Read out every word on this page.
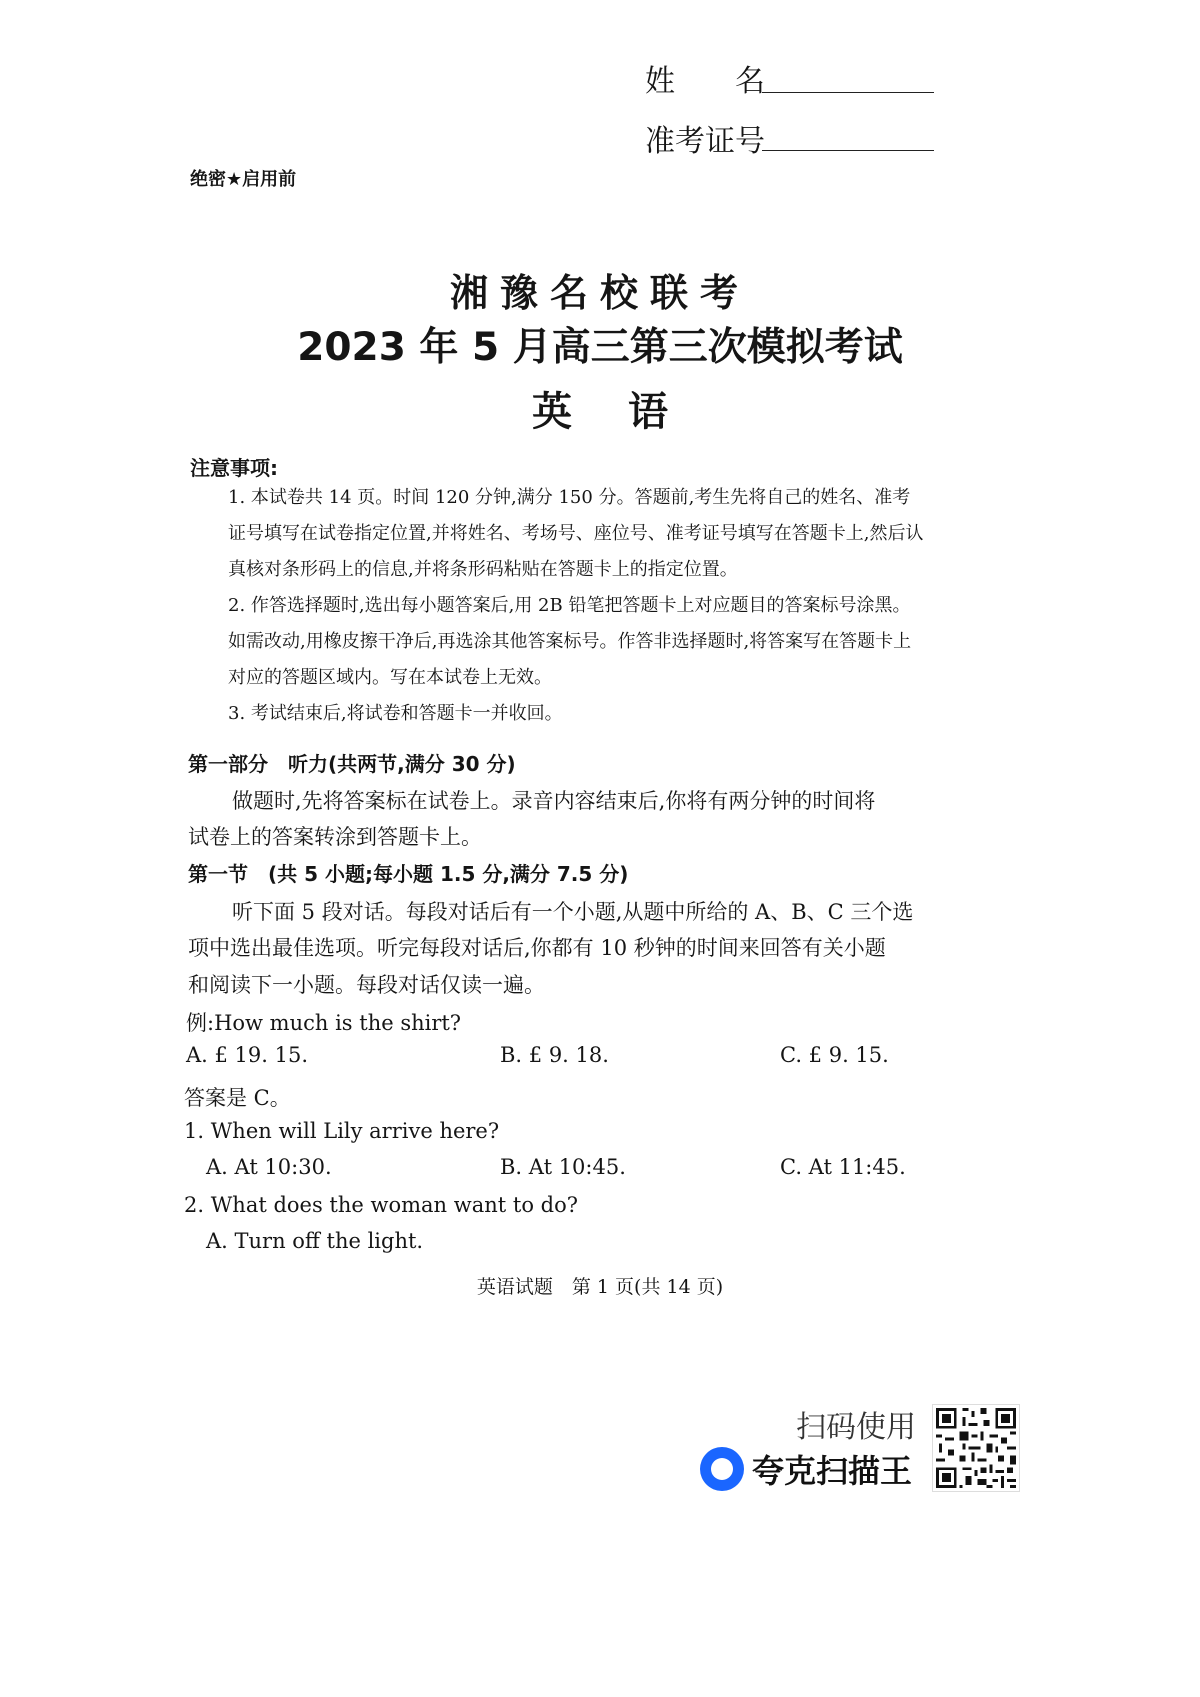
姓　　名
准考证号
绝密★启用前
湘豫名校联考
2023 年 5 月高三第三次模拟考试
英语
注意事项:
1. 本试卷共 14 页。时间 120 分钟,满分 150 分。答题前,考生先将自己的姓名、准考证号填写在试卷指定位置,并将姓名、考场号、座位号、准考证号填写在答题卡上,然后认真核对条形码上的信息,并将条形码粘贴在答题卡上的指定位置。
2. 作答选择题时,选出每小题答案后,用 2B 铅笔把答题卡上对应题目的答案标号涂黑。如需改动,用橡皮擦干净后,再选涂其他答案标号。作答非选择题时,将答案写在答题卡上对应的答题区域内。写在本试卷上无效。
3. 考试结束后,将试卷和答题卡一并收回。
第一部分　听力(共两节,满分 30 分)
做题时,先将答案标在试卷上。录音内容结束后,你将有两分钟的时间将
试卷上的答案转涂到答题卡上。
第一节　(共 5 小题;每小题 1.5 分,满分 7.5 分)
听下面 5 段对话。每段对话后有一个小题,从题中所给的 A、B、C 三个选
项中选出最佳选项。听完每段对话后,你都有 10 秒钟的时间来回答有关小题
和阅读下一小题。每段对话仅读一遍。
例:How much is the shirt?
A. £ 19. 15.	B. £ 9. 18.	C. £ 9. 15.
答案是 C。
1. When will Lily arrive here?
A. At 10:30.	B. At 10:45.	C. At 11:45.
2. What does the woman want to do?
A. Turn off the light.
英语试题　第 1 页(共 14 页)
扫码使用
夸克扫描王
